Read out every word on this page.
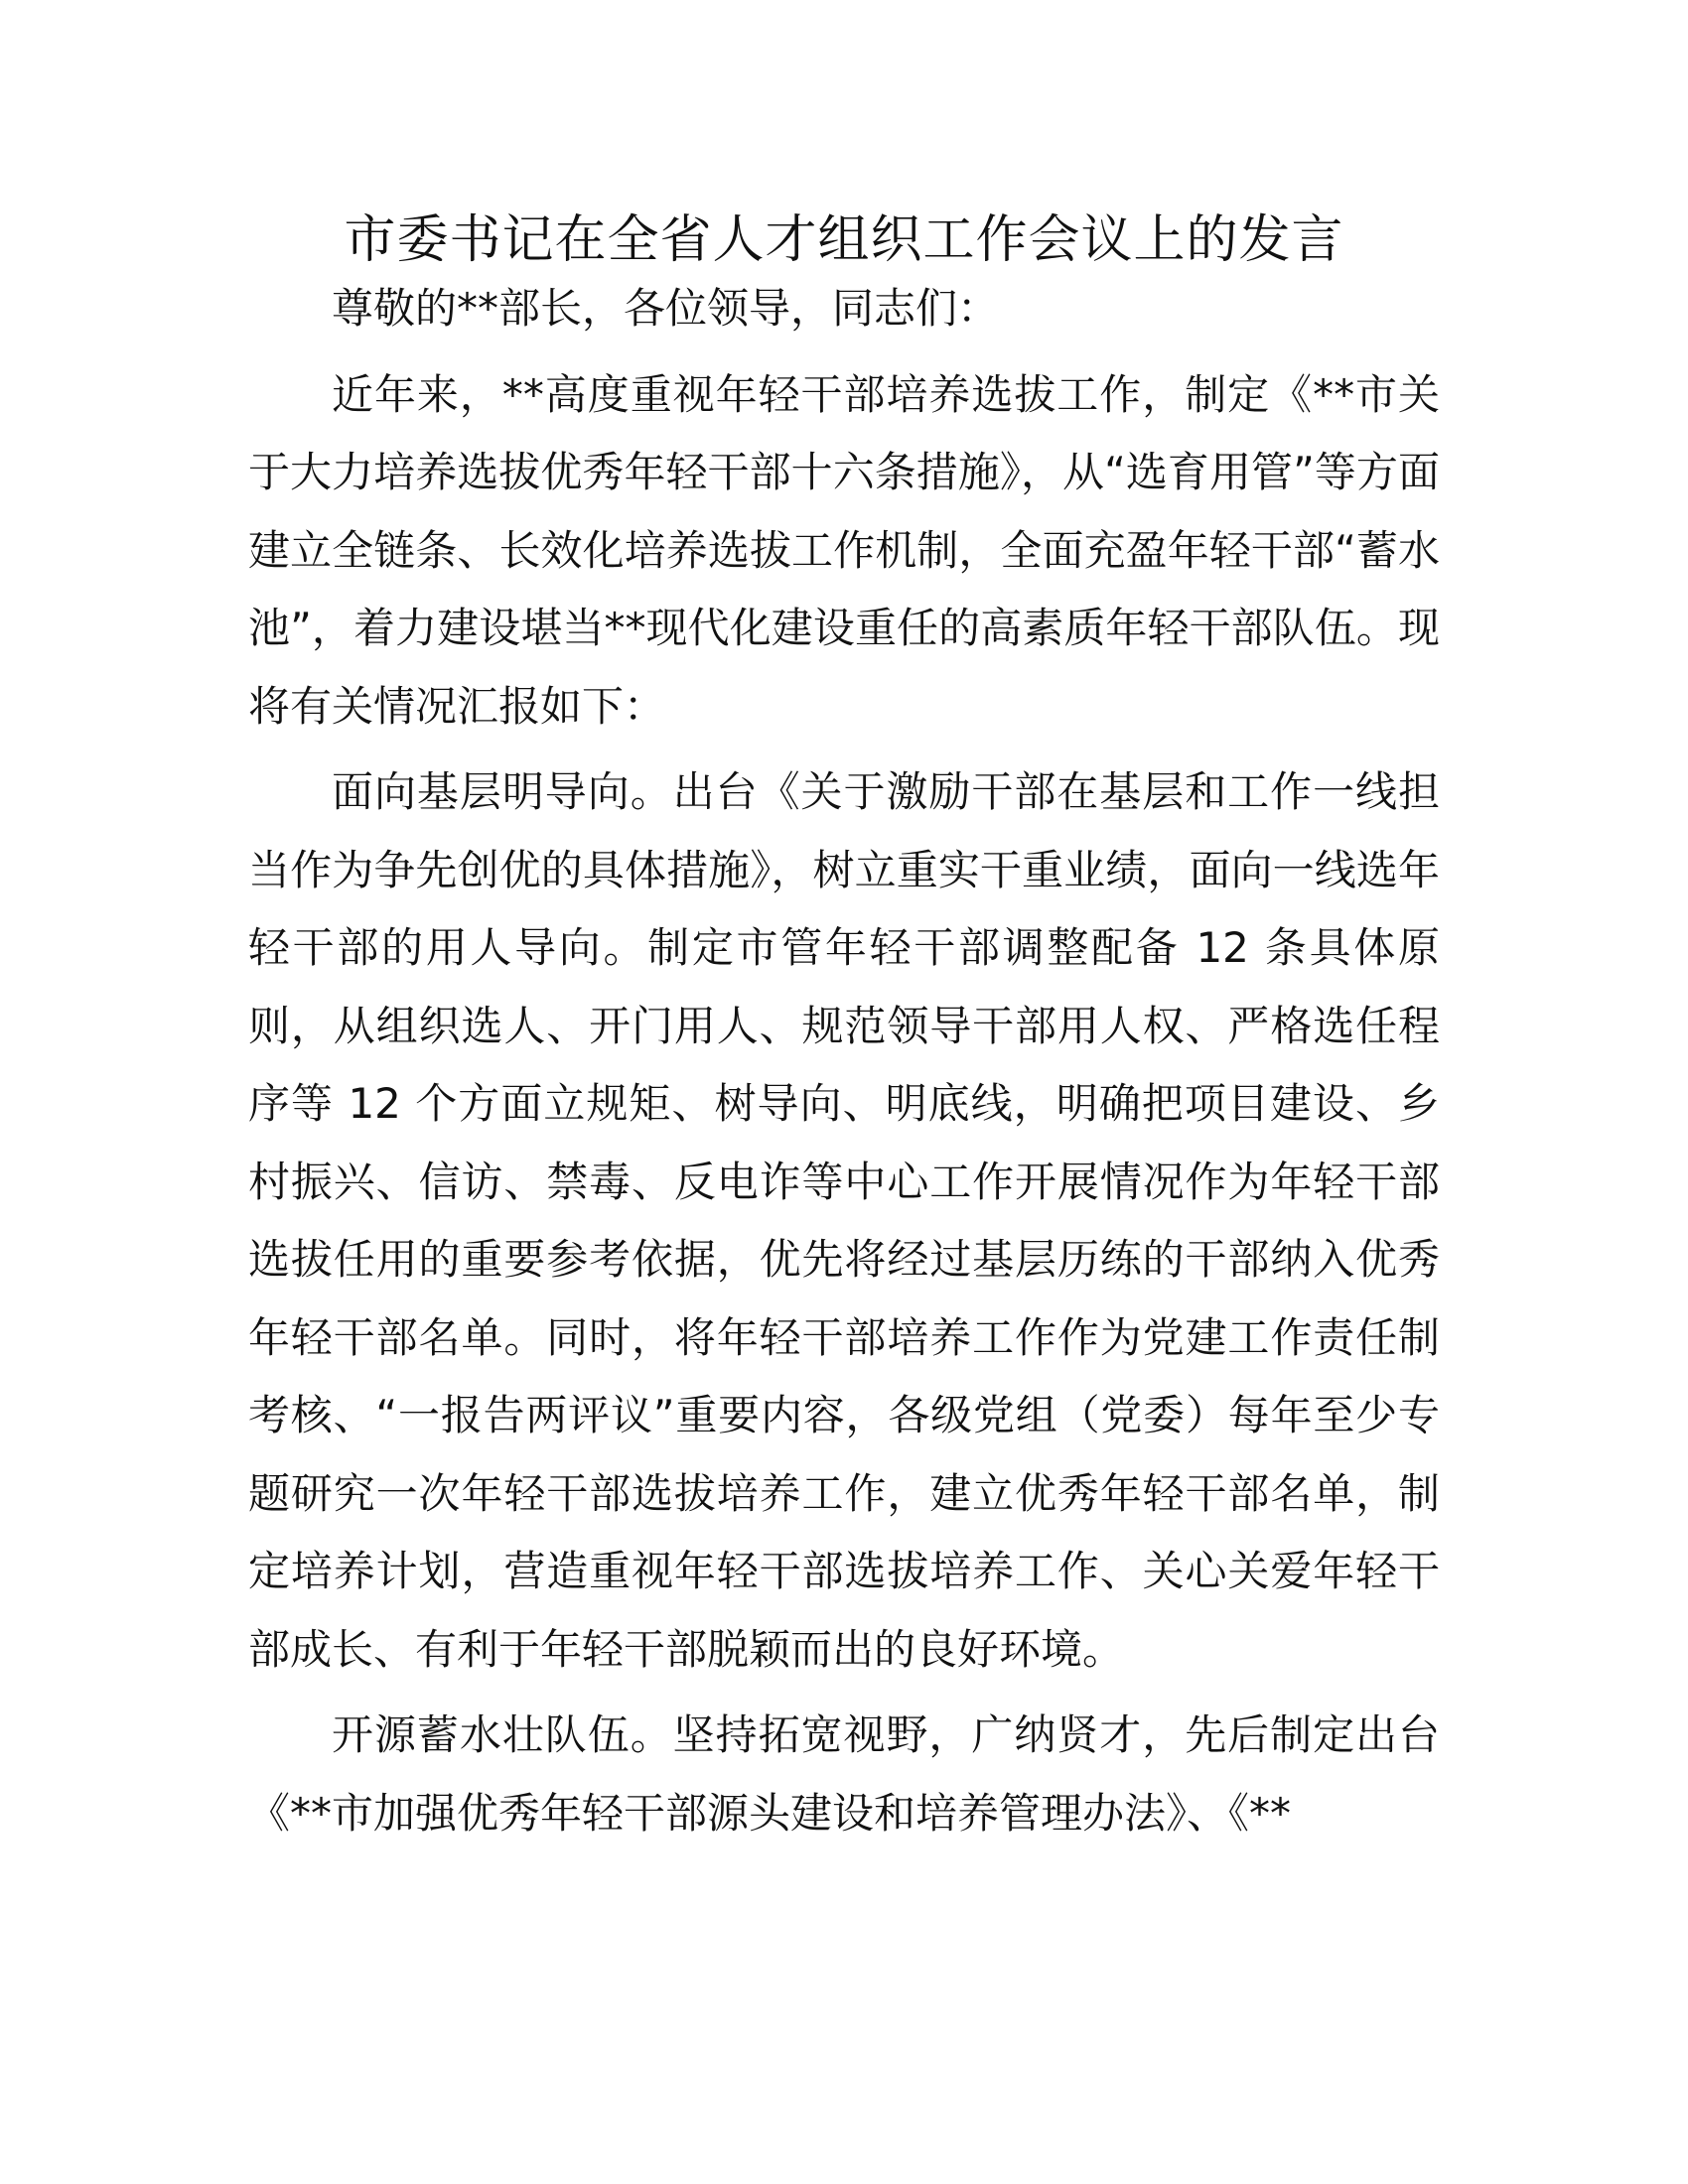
市委书记在全省人才组织工作会议上的发言

尊敬的**部长，各位领导，同志们：

近年来，**高度重视年轻干部培养选拔工作，制定《**市关于大力培养选拔优秀年轻干部十六条措施》，从“选育用管”等方面建立全链条、长效化培养选拔工作机制，全面充盈年轻干部“蓄水池”，着力建设堪当**现代化建设重任的高素质年轻干部队伍。现将有关情况汇报如下：

面向基层明导向。出台《关于激励干部在基层和工作一线担当作为争先创优的具体措施》，树立重实干重业绩，面向一线选年轻干部的用人导向。制定市管年轻干部调整配备 12 条具体原则，从组织选人、开门用人、规范领导干部用人权、严格选任程序等 12 个方面立规矩、树导向、明底线，明确把项目建设、乡村振兴、信访、禁毒、反电诈等中心工作开展情况作为年轻干部选拔任用的重要参考依据，优先将经过基层历练的干部纳入优秀年轻干部名单。同时，将年轻干部培养工作作为党建工作责任制考核、“一报告两评议”重要内容，各级党组（党委）每年至少专题研究一次年轻干部选拔培养工作，建立优秀年轻干部名单，制定培养计划，营造重视年轻干部选拔培养工作、关心关爱年轻干部成长、有利于年轻干部脱颖而出的良好环境。

开源蓄水壮队伍。坚持拓宽视野，广纳贤才，先后制定出台《**市加强优秀年轻干部源头建设和培养管理办法》、《**
